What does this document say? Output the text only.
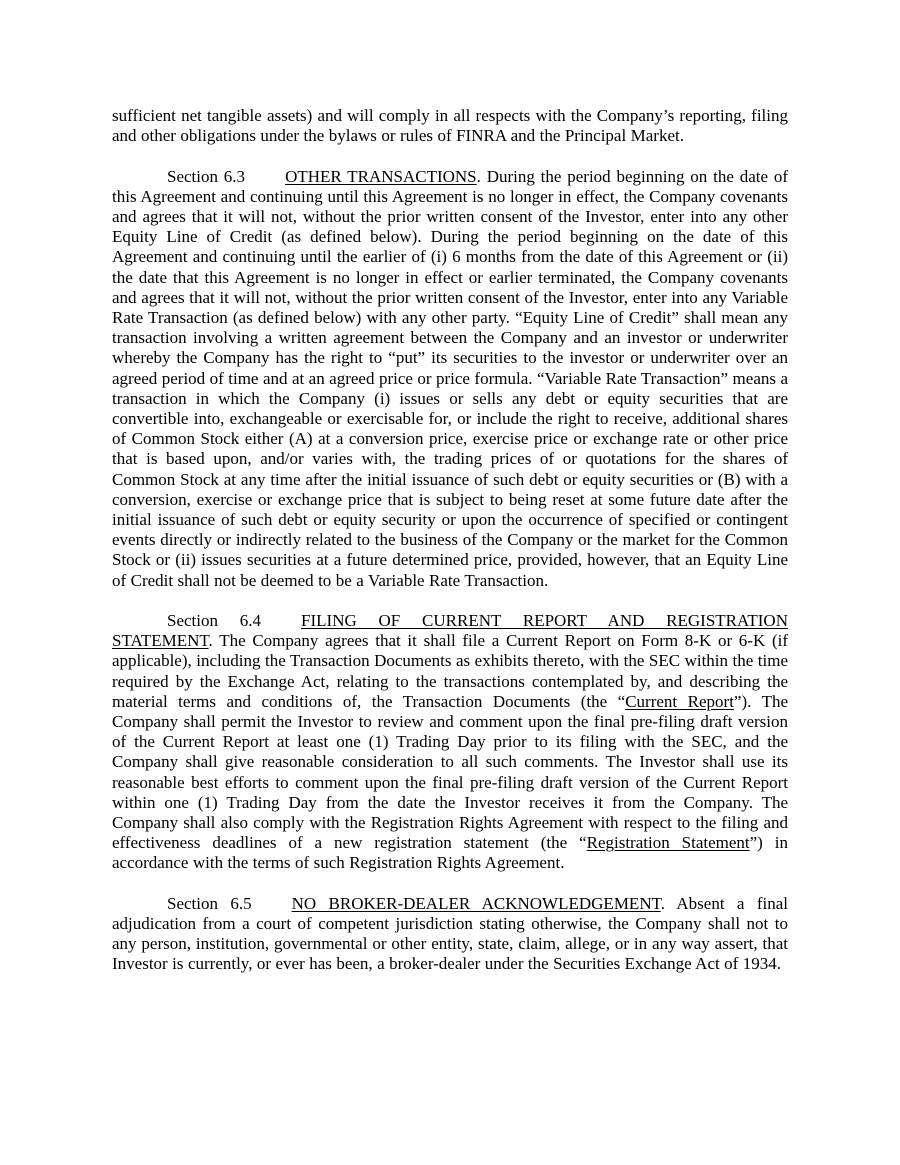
sufficient net tangible assets) and will comply in all respects with the Company’s reporting, filing and other obligations under the bylaws or rules of FINRA and the Principal Market.

Section 6.3 OTHER TRANSACTIONS. During the period beginning on the date of this Agreement and continuing until this Agreement is no longer in effect, the Company covenants and agrees that it will not, without the prior written consent of the Investor, enter into any other Equity Line of Credit (as defined below). During the period beginning on the date of this Agreement and continuing until the earlier of (i) 6 months from the date of this Agreement or (ii) the date that this Agreement is no longer in effect or earlier terminated, the Company covenants and agrees that it will not, without the prior written consent of the Investor, enter into any Variable Rate Transaction (as defined below) with any other party. “Equity Line of Credit” shall mean any transaction involving a written agreement between the Company and an investor or underwriter whereby the Company has the right to “put” its securities to the investor or underwriter over an agreed period of time and at an agreed price or price formula. “Variable Rate Transaction” means a transaction in which the Company (i) issues or sells any debt or equity securities that are convertible into, exchangeable or exercisable for, or include the right to receive, additional shares of Common Stock either (A) at a conversion price, exercise price or exchange rate or other price that is based upon, and/or varies with, the trading prices of or quotations for the shares of Common Stock at any time after the initial issuance of such debt or equity securities or (B) with a conversion, exercise or exchange price that is subject to being reset at some future date after the initial issuance of such debt or equity security or upon the occurrence of specified or contingent events directly or indirectly related to the business of the Company or the market for the Common Stock or (ii) issues securities at a future determined price, provided, however, that an Equity Line of Credit shall not be deemed to be a Variable Rate Transaction.

Section 6.4 FILING OF CURRENT REPORT AND REGISTRATION STATEMENT. The Company agrees that it shall file a Current Report on Form 8-K or 6-K (if applicable), including the Transaction Documents as exhibits thereto, with the SEC within the time required by the Exchange Act, relating to the transactions contemplated by, and describing the material terms and conditions of, the Transaction Documents (the “Current Report”). The Company shall permit the Investor to review and comment upon the final pre-filing draft version of the Current Report at least one (1) Trading Day prior to its filing with the SEC, and the Company shall give reasonable consideration to all such comments. The Investor shall use its reasonable best efforts to comment upon the final pre-filing draft version of the Current Report within one (1) Trading Day from the date the Investor receives it from the Company. The Company shall also comply with the Registration Rights Agreement with respect to the filing and effectiveness deadlines of a new registration statement (the “Registration Statement”) in accordance with the terms of such Registration Rights Agreement.

Section 6.5 NO BROKER-DEALER ACKNOWLEDGEMENT. Absent a final adjudication from a court of competent jurisdiction stating otherwise, the Company shall not to any person, institution, governmental or other entity, state, claim, allege, or in any way assert, that Investor is currently, or ever has been, a broker-dealer under the Securities Exchange Act of 1934.
